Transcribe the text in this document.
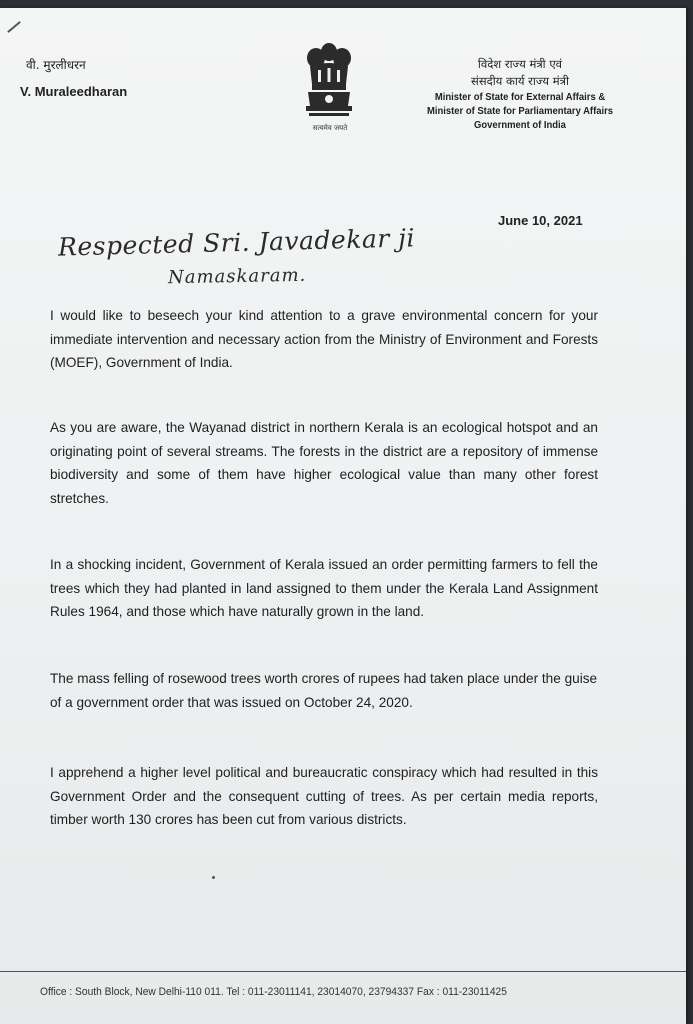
वी. मुरलीधरन
V. Muraleedharan
सत्यमेव जयते
विदेश राज्य मंत्री एवं
संसदीय कार्य राज्य मंत्री
Minister of State for External Affairs &
Minister of State for Parliamentary Affairs
Government of India
June 10, 2021
Respected Sri. Javadekar ji
Namaskaram.
I would like to beseech your kind attention to a grave environmental concern for your immediate intervention and necessary action from the Ministry of Environment and Forests (MOEF), Government of India.
As you are aware, the Wayanad district in northern Kerala is an ecological hotspot and an originating point of several streams. The forests in the district are a repository of immense biodiversity and some of them have higher ecological value than many other forest stretches.
In a shocking incident, Government of Kerala issued an order permitting farmers to fell the trees which they had planted in land assigned to them under the Kerala Land Assignment Rules 1964, and those which have naturally grown in the land.
The mass felling of rosewood trees worth crores of rupees had taken place under the guise of a government order that was issued on October 24, 2020.
I apprehend a higher level political and bureaucratic conspiracy which had resulted in this Government Order and the consequent cutting of trees. As per certain media reports, timber worth 130 crores has been cut from various districts.
Office : South Block, New Delhi-110 011. Tel : 011-23011141, 23014070, 23794337 Fax : 011-23011425
